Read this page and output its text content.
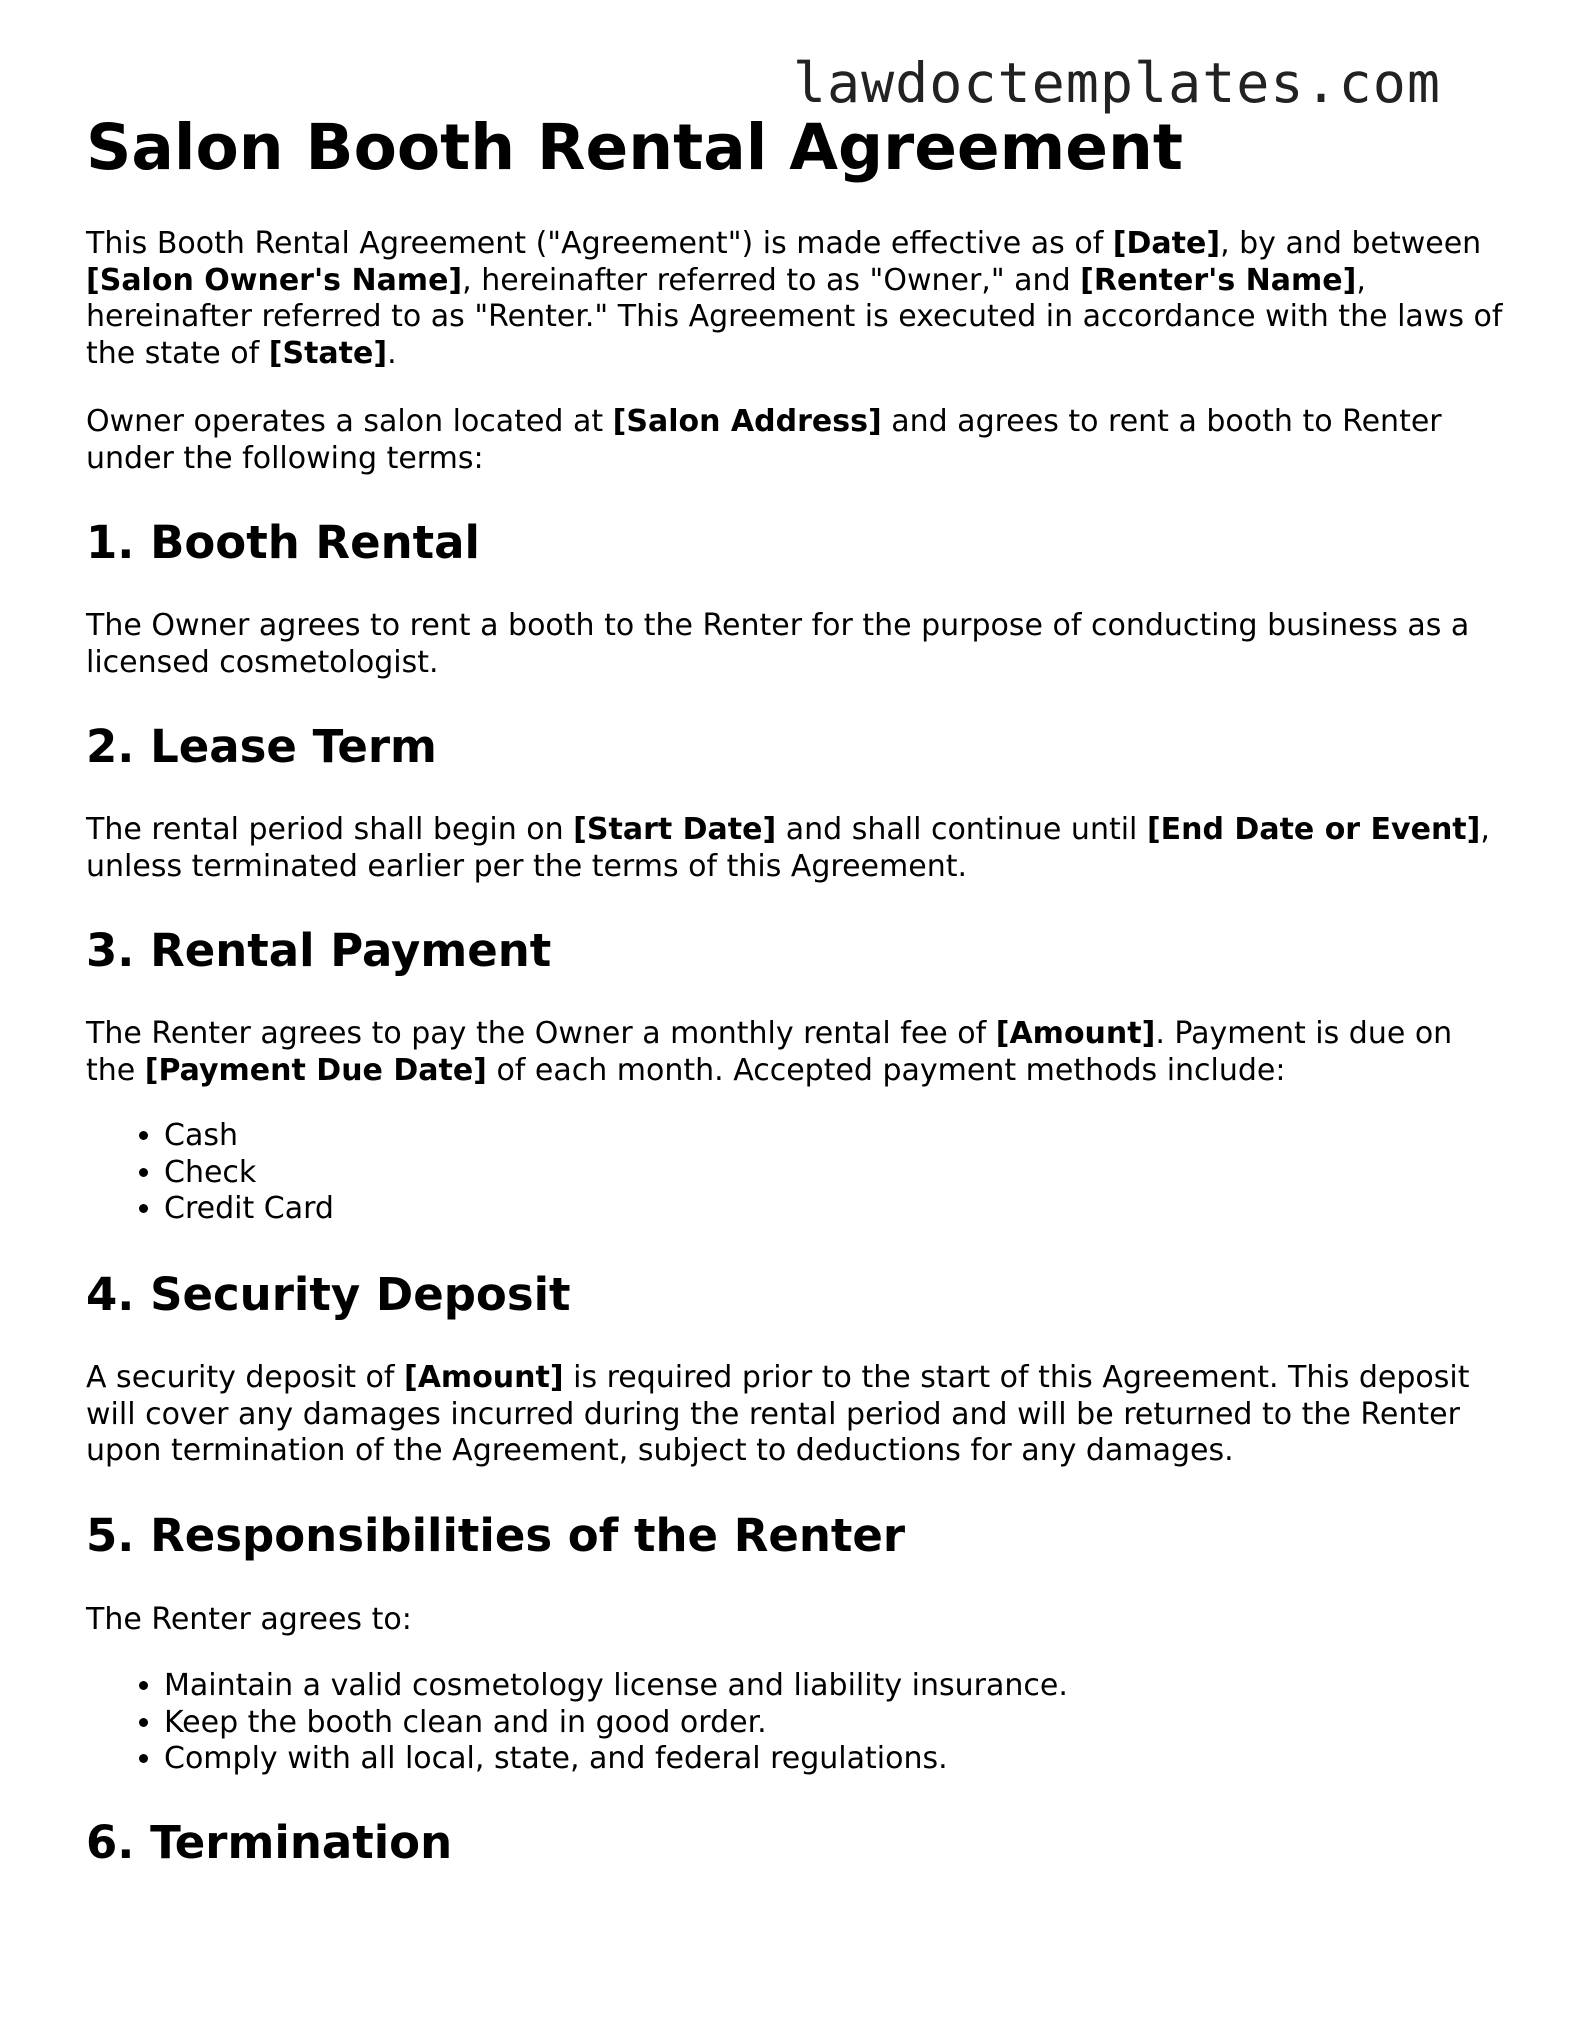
lawdoctemplates.com
Salon Booth Rental Agreement

This Booth Rental Agreement ("Agreement") is made effective as of [Date], by and between [Salon Owner's Name], hereinafter referred to as "Owner," and [Renter's Name], hereinafter referred to as "Renter." This Agreement is executed in accordance with the laws of the state of [State].

Owner operates a salon located at [Salon Address] and agrees to rent a booth to Renter under the following terms:

1. Booth Rental

The Owner agrees to rent a booth to the Renter for the purpose of conducting business as a licensed cosmetologist.

2. Lease Term

The rental period shall begin on [Start Date] and shall continue until [End Date or Event], unless terminated earlier per the terms of this Agreement.

3. Rental Payment

The Renter agrees to pay the Owner a monthly rental fee of [Amount]. Payment is due on the [Payment Due Date] of each month. Accepted payment methods include:

• Cash
• Check
• Credit Card
4. Security Deposit

A security deposit of [Amount] is required prior to the start of this Agreement. This deposit will cover any damages incurred during the rental period and will be returned to the Renter upon termination of the Agreement, subject to deductions for any damages.

5. Responsibilities of the Renter

The Renter agrees to:

• Maintain a valid cosmetology license and liability insurance.
• Keep the booth clean and in good order.
• Comply with all local, state, and federal regulations.
6. Termination
